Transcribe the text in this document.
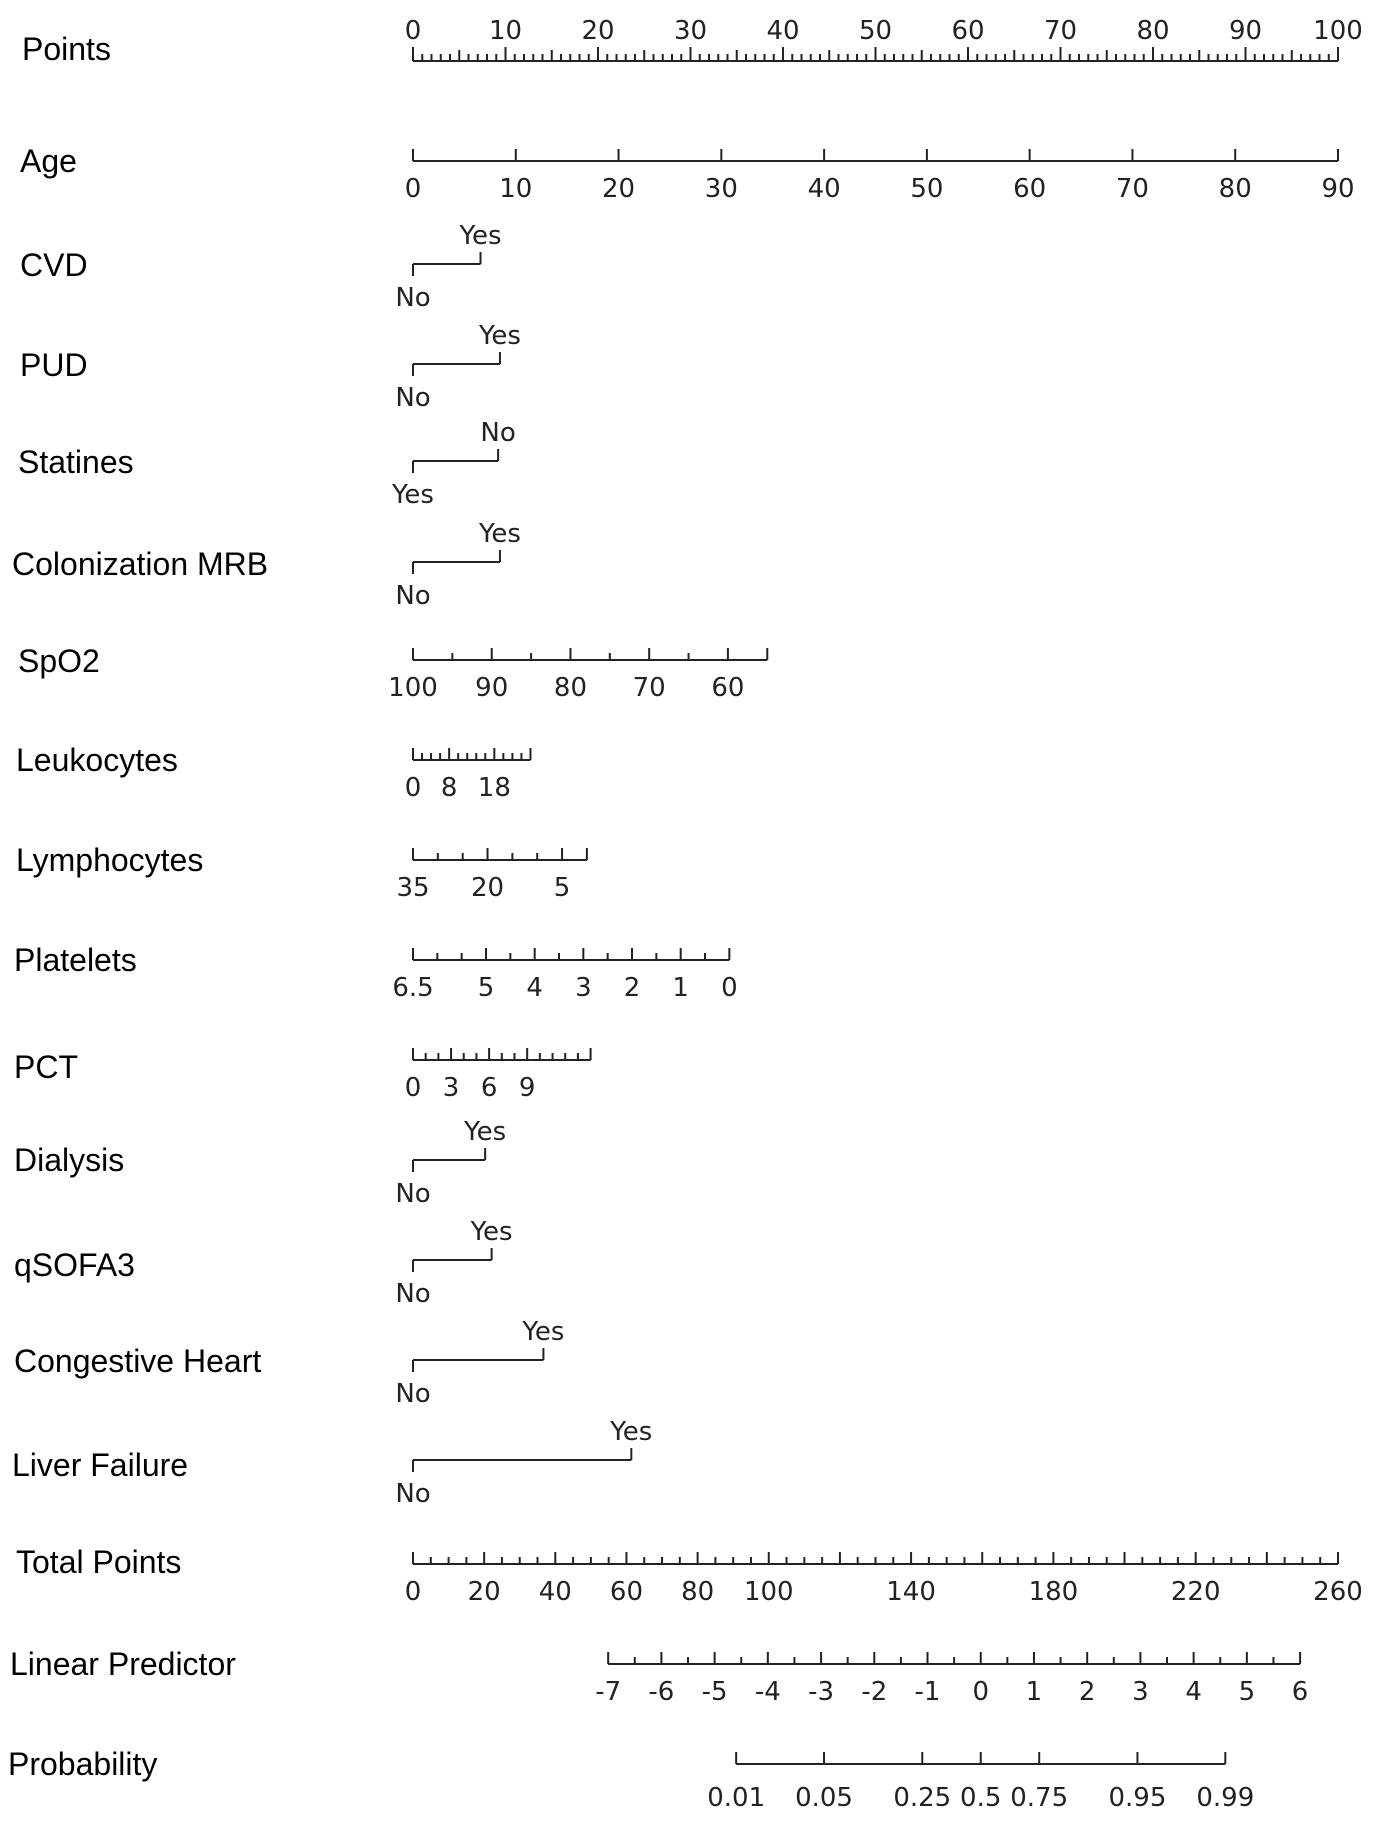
Points	0	10 20 30 40 50 60 70 80 90 100
Age
0	10	20	30	40	50	60	70	80	90
CVD
No
Yes
PUD
No
Yes
Statines
Yes
No
Colonization MRB
No
Yes
SpO2
100 90 80 70 60
Leukocytes
0 8 18
Lymphocytes
35 20 5
Platelets
6.5 5 4 3 2 1 0
PCT
0 3 6 9
Dialysis
No
Yes
qSOFA3
No
Yes
Congestive Heart
No
Yes
Liver Failure
No
Yes
Total Points
0 20 40 60 80 100	140	180	220	260
Linear Predictor
-7 -6 -5 -4 -3 -2 -1 0 1 2 3 4 5 6
Probability
0.01 0.05 0.25 0.5 0.75 0.95 0.99
